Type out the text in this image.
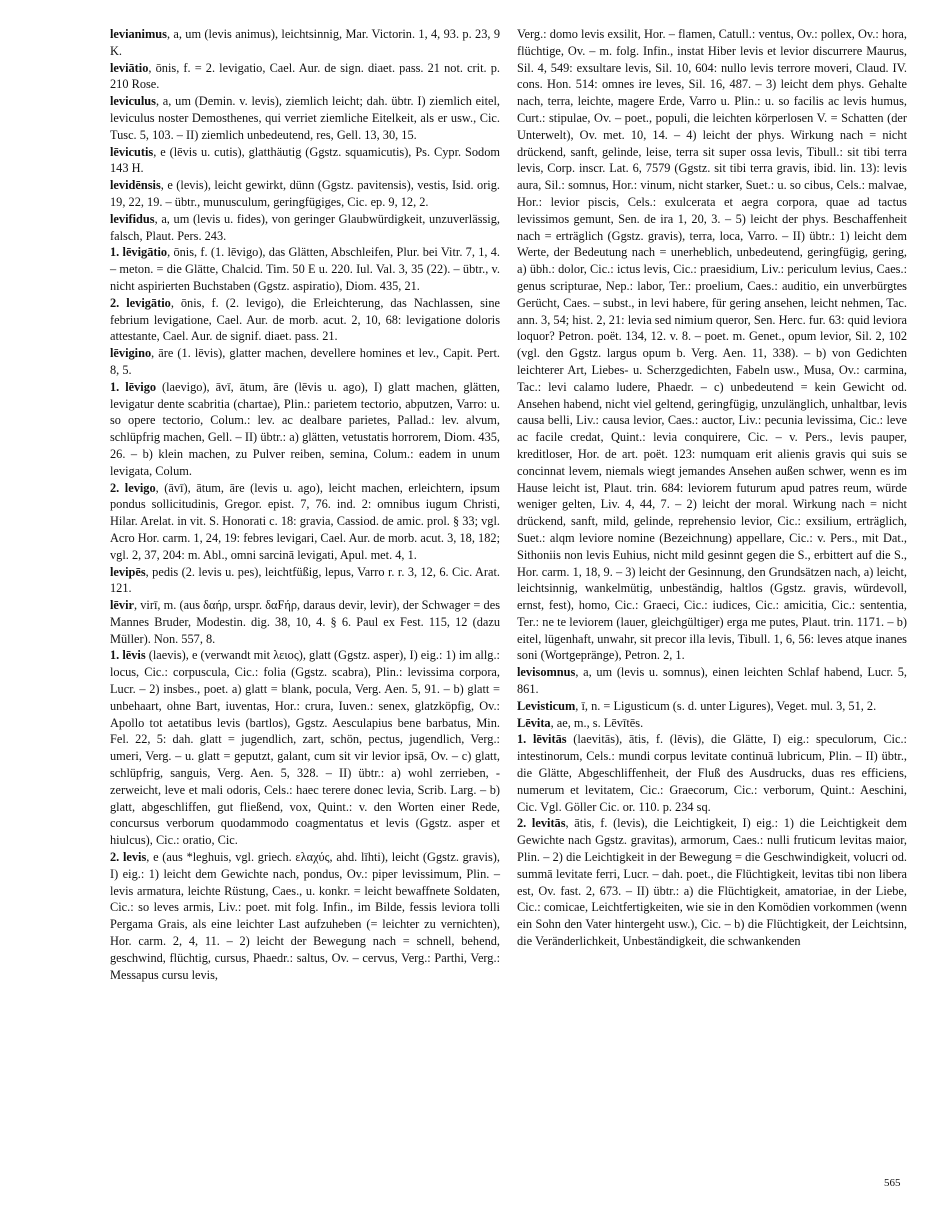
levianimus, a, um (levis animus), leichtsinnig, Mar. Victorin. 1, 4, 93. p. 23, 9 K.

leviātio, ōnis, f. = 2. levigatio, Cael. Aur. de sign. diaet. pass. 21 not. crit. p. 210 Rose.

leviculus, a, um (Demin. v. levis), ziemlich leicht; dah. übtr. I) ziemlich eitel, leviculus noster Demosthenes, qui verriet ziemliche Eitelkeit, als er usw., Cic. Tusc. 5, 103. – II) ziemlich unbedeutend, res, Gell. 13, 30, 15.

lēvicutis, e (lēvis u. cutis), glatthäutig (Ggstz. squamicutis), Ps. Cypr. Sodom 143 H.

levidēnsis, e (levis), leicht gewirkt, dünn (Ggstz. pavitensis), vestis, Isid. orig. 19, 22, 19. – übtr., munusculum, geringfügiges, Cic. ep. 9, 12, 2.

levifidus, a, um (levis u. fides), von geringer Glaubwürdigkeit, unzuverlässig, falsch, Plaut. Pers. 243.

1. lēvigātio, ōnis, f. (1. lēvigo), das Glätten, Abschleifen, Plur. bei Vitr. 7, 1, 4. – meton. = die Glätte, Chalcid. Tim. 50 E u. 220. Iul. Val. 3, 35 (22). – übtr., v. nicht aspirierten Buchstaben (Ggstz. aspiratio), Diom. 435, 21.

2. levigātio, ōnis, f. (2. levigo), die Erleichterung, das Nachlassen, sine febrium levigatione, Cael. Aur. de morb. acut. 2, 10, 68: levigatione doloris attestante, Cael. Aur. de signif. diaet. pass. 21.

lēvigino, āre (1. lēvis), glatter machen, devellere homines et lev., Capit. Pert. 8, 5.

1. lēvigo (laevigo), āvī, ātum, āre (lēvis u. ago), I) glatt machen, glätten, levigatur dente scabritia (chartae), Plin.: parietem tectorio, abputzen, Varro: u. so opere tectorio, Colum.: lev. ac dealbare parietes, Pallad.: lev. alvum, schlüpfrig machen, Gell. – II) übtr.: a) glätten, vetustatis horrorem, Diom. 435, 26. – b) klein machen, zu Pulver reiben, semina, Colum.: eadem in unum levigata, Colum.

2. levigo, (āvī), ātum, āre (levis u. ago), leicht machen, erleichtern, ipsum pondus sollicitudinis, Gregor. epist. 7, 76. ind. 2: omnibus iugum Christi, Hilar. Arelat. in vit. S. Honorati c. 18: gravia, Cassiod. de amic. prol. § 33; vgl. Acro Hor. carm. 1, 24, 19: febres levigari, Cael. Aur. de morb. acut. 3, 18, 182; vgl. 2, 37, 204: m. Abl., omni sarcinā levigati, Apul. met. 4, 1.

levipēs, pedis (2. levis u. pes), leichtfüßig, lepus, Varro r. r. 3, 12, 6. Cic. Arat. 121.

lēvir, virī, m. (aus δαήρ, urspr. δαFήρ, daraus devir, levir), der Schwager = des Mannes Bruder, Modestin. dig. 38, 10, 4. § 6. Paul ex Fest. 115, 12 (dazu Müller). Non. 557, 8.

1. lēvis (laevis), e (verwandt mit λειος), glatt (Ggstz. asper), I) eig.: 1) im allg.: locus, Cic.: corpuscula, Cic.: folia (Ggstz. scabra), Plin.: levissima corpora, Lucr. – 2) insbes., poet. a) glatt = blank, pocula, Verg. Aen. 5, 91. – b) glatt = unbehaart, ohne Bart, iuventas, Hor.: crura, Iuven.: senex, glatzköpfig, Ov.: Apollo tot aetatibus levis (bartlos), Ggstz. Aesculapius bene barbatus, Min. Fel. 22, 5: dah. glatt = jugendlich, zart, schön, pectus, jugendlich, Verg.: umeri, Verg. – u. glatt = geputzt, galant, cum sit vir levior ipsā, Ov. – c) glatt, schlüpfrig, sanguis, Verg. Aen. 5, 328. – II) übtr.: a) wohl zerrieben, -zerweicht, leve et mali odoris, Cels.: haec terere donec levia, Scrib. Larg. – b) glatt, abgeschliffen, gut fließend, vox, Quint.: v. den Worten einer Rede, concursus verborum quodammodo coagmentatus et levis (Ggstz. asper et hiulcus), Cic.: oratio, Cic.

2. levis, e (aus *leghuis, vgl. griech. ελαχύς, ahd. līhti), leicht (Ggstz. gravis), I) eig.: 1) leicht dem Gewichte nach, pondus, Ov.: piper levissimum, Plin. – levis armatura, leichte Rüstung, Caes., u. konkr. = leicht bewaffnete Soldaten, Cic.: so leves armis, Liv.: poet. mit folg. Infin., im Bilde, fessis leviora tolli Pergama Grais, als eine leichter Last aufzuheben (= leichter zu vernichten), Hor. carm. 2, 4, 11. – 2) leicht der Bewegung nach = schnell, behend, geschwind, flüchtig, cursus, Phaedr.: saltus, Ov. – cervus, Verg.: Parthi, Verg.: Messapus cursu levis,

Verg.: domo levis exsilit, Hor. – flamen, Catull.: ventus, Ov.: pollex, Ov.: hora, flüchtige, Ov. – m. folg. Infin., instat Hiber levis et levior discurrere Maurus, Sil. 4, 549: exsultare levis, Sil. 10, 604: nullo levis terrore moveri, Claud. IV. cons. Hon. 514: omnes ire leves, Sil. 16, 487. – 3) leicht dem phys. Gehalte nach, terra, leichte, magere Erde, Varro u. Plin.: u. so facilis ac levis humus, Curt.: stipulae, Ov. – poet., populi, die leichten körperlosen V. = Schatten (der Unterwelt), Ov. met. 10, 14. – 4) leicht der phys. Wirkung nach = nicht drückend, sanft, gelinde, leise, terra sit super ossa levis, Tibull.: sit tibi terra levis, Corp. inscr. Lat. 6, 7579 (Ggstz. sit tibi terra gravis, ibid. lin. 13): levis aura, Sil.: somnus, Hor.: vinum, nicht starker, Suet.: u. so cibus, Cels.: malvae, Hor.: levior piscis, Cels.: exulcerata et aegra corpora, quae ad tactus levissimos gemunt, Sen. de ira 1, 20, 3. – 5) leicht der phys. Beschaffenheit nach = erträglich (Ggstz. gravis), terra, loca, Varro. – II) übtr.: 1) leicht dem Werte, der Bedeutung nach = unerheblich, unbedeutend, geringfügig, gering, a) übh.: dolor, Cic.: ictus levis, Cic.: praesidium, Liv.: periculum levius, Caes.: genus scripturae, Nep.: labor, Ter.: proelium, Caes.: auditio, ein unverbürgtes Gerücht, Caes. – subst., in levi habere, für gering ansehen, leicht nehmen, Tac. ann. 3, 54; hist. 2, 21: levia sed nimium queror, Sen. Herc. fur. 63: quid leviora loquor? Petron. poët. 134, 12. v. 8. – poet. m. Genet., opum levior, Sil. 2, 102 (vgl. den Ggstz. largus opum b. Verg. Aen. 11, 338). – b) von Gedichten leichterer Art, Liebes- u. Scherzgedichten, Fabeln usw., Musa, Ov.: carmina, Tac.: levi calamo ludere, Phaedr. – c) unbedeutend = kein Gewicht od. Ansehen habend, nicht viel geltend, geringfügig, unzulänglich, unhaltbar, levis causa belli, Liv.: causa levior, Caes.: auctor, Liv.: pecunia levissima, Cic.: leve ac facile credat, Quint.: levia conquirere, Cic. – v. Pers., levis pauper, kreditloser, Hor. de art. poët. 123: numquam erit alienis gravis qui suis se concinnat levem, niemals wiegt jemandes Ansehen außen schwer, wenn es im Hause leicht ist, Plaut. trin. 684: leviorem futurum apud patres reum, würde weniger gelten, Liv. 4, 44, 7. – 2) leicht der moral. Wirkung nach = nicht drückend, sanft, mild, gelinde, reprehensio levior, Cic.: exsilium, erträglich, Suet.: alqm leviore nomine (Bezeichnung) appellare, Cic.: v. Pers., mit Dat., Sithoniis non levis Euhius, nicht mild gesinnt gegen die S., erbittert auf die S., Hor. carm. 1, 18, 9. – 3) leicht der Gesinnung, den Grundsätzen nach, a) leicht, leichtsinnig, wankelmütig, unbeständig, haltlos (Ggstz. gravis, würdevoll, ernst, fest), homo, Cic.: Graeci, Cic.: iudices, Cic.: amicitia, Cic.: sententia, Ter.: ne te leviorem (lauer, gleichgültiger) erga me putes, Plaut. trin. 1171. – b) eitel, lügenhaft, unwahr, sit precor illa levis, Tibull. 1, 6, 56: leves atque inanes soni (Wortgepränge), Petron. 2, 1.

levisomnus, a, um (levis u. somnus), einen leichten Schlaf habend, Lucr. 5, 861.

Levisticum, ī, n. = Ligusticum (s. d. unter Ligures), Veget. mul. 3, 51, 2.

Lēvita, ae, m., s. Lēvītēs.

1. lēvitās (laevitās), ātis, f. (lēvis), die Glätte, I) eig.: speculorum, Cic.: intestinorum, Cels.: mundi corpus levitate continuā lubricum, Plin. – II) übtr., die Glätte, Abgeschliffenheit, der Fluß des Ausdrucks, duas res efficiens, numerum et levitatem, Cic.: Graecorum, Cic.: verborum, Quint.: Aeschini, Cic. Vgl. Göller Cic. or. 110. p. 234 sq.

2. levitās, ātis, f. (levis), die Leichtigkeit, I) eig.: 1) die Leichtigkeit dem Gewichte nach Ggstz. gravitas), armorum, Caes.: nulli fruticum levitas maior, Plin. – 2) die Leichtigkeit in der Bewegung = die Geschwindigkeit, volucri od. summā levitate ferri, Lucr. – dah. poet., die Flüchtigkeit, levitas tibi non libera est, Ov. fast. 2, 673. – II) übtr.: a) die Flüchtigkeit, amatoriae, in der Liebe, Cic.: comicae, Leichtfertigkeiten, wie sie in den Komödien vorkommen (wenn ein Sohn den Vater hintergeht usw.), Cic. – b) die Flüchtigkeit, der Leichtsinn, die Veränderlichkeit, Unbeständigkeit, die schwankenden

565
